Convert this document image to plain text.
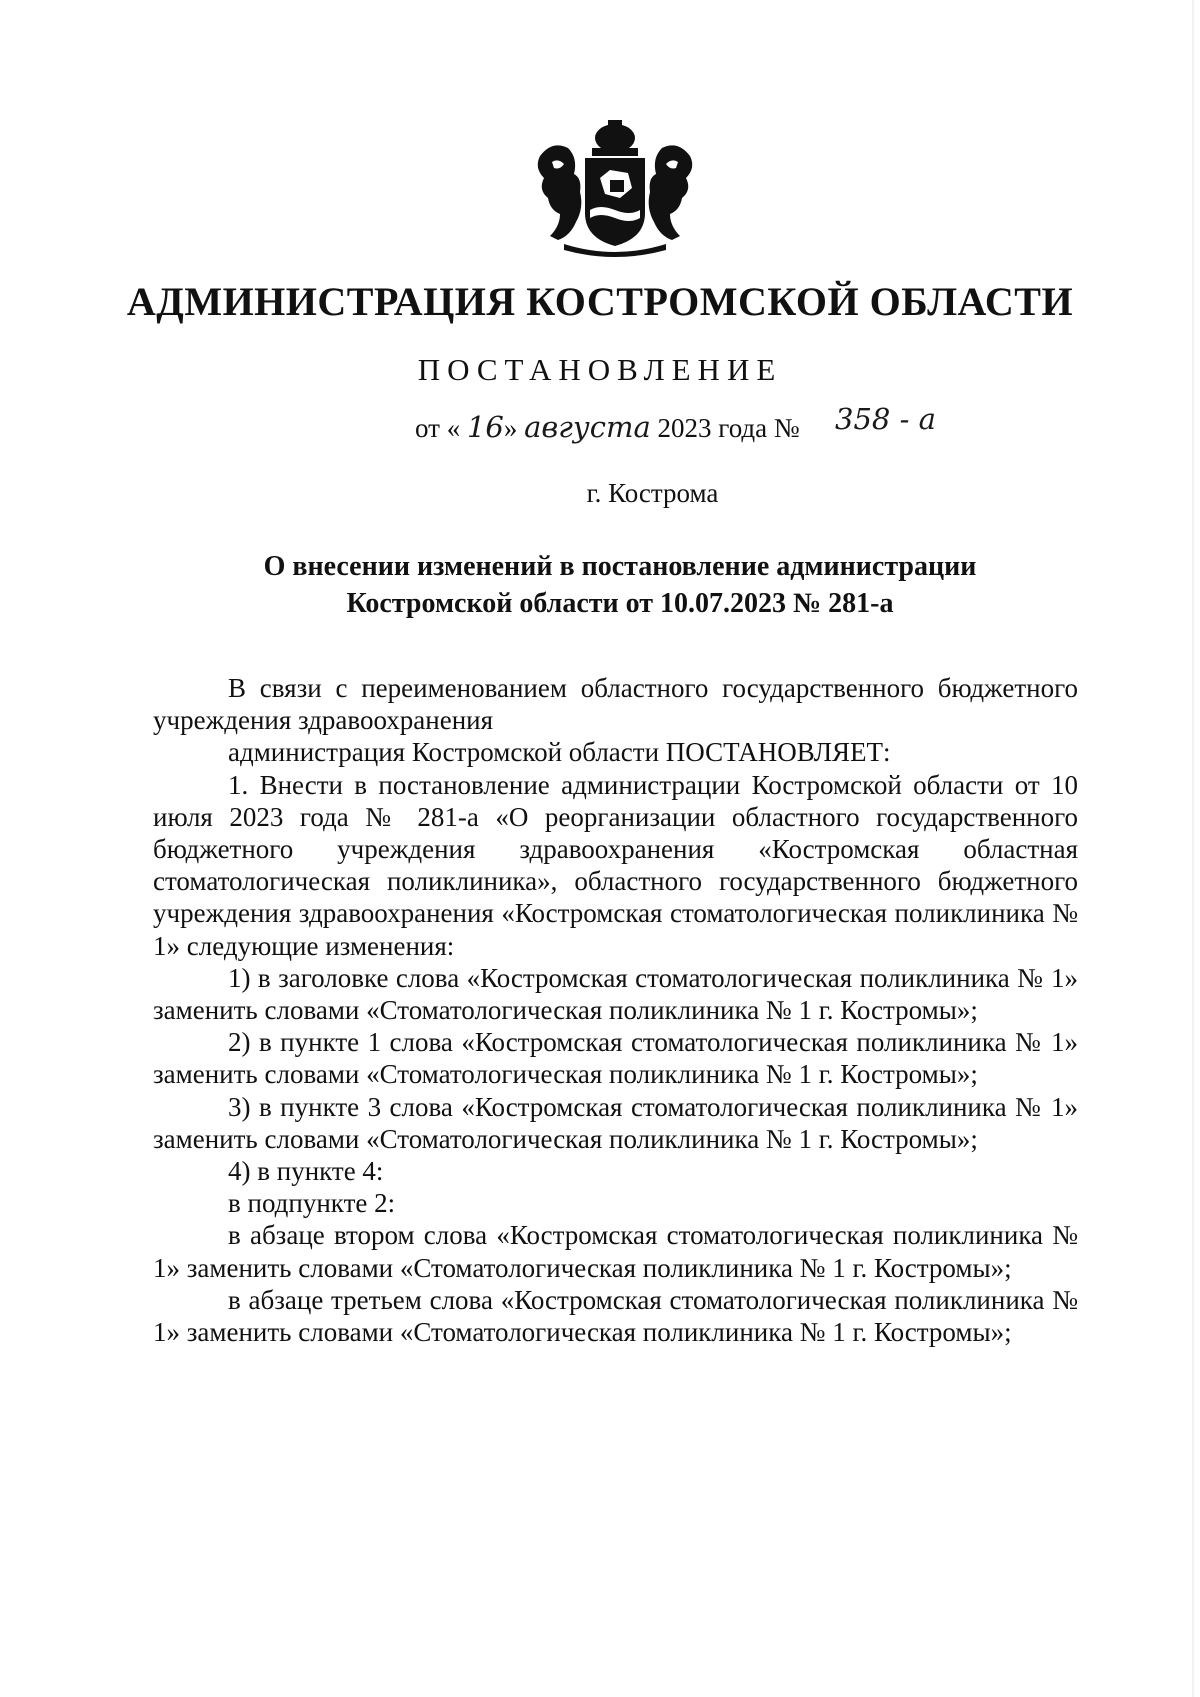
АДМИНИСТРАЦИЯ КОСТРОМСКОЙ ОБЛАСТИ
ПОСТАНОВЛЕНИЕ
от « 16» августа 2023 года № 358 - а
г. Кострома
О внесении изменений в постановление администрации
Костромской области от 10.07.2023 № 281-а

В связи с переименованием областного государственного бюджетного учреждения здравоохранения

администрация Костромской области ПОСТАНОВЛЯЕТ:

1. Внести в постановление администрации Костромской области от 10 июля 2023 года № 281-а «О реорганизации областного государственного бюджетного учреждения здравоохранения «Костромская областная стоматологическая поликлиника», областного государственного бюджетного учреждения здравоохранения «Костромская стоматологическая поликлиника № 1» следующие изменения:

1) в заголовке слова «Костромская стоматологическая поликлиника № 1» заменить словами «Стоматологическая поликлиника № 1 г. Костромы»;

2) в пункте 1 слова «Костромская стоматологическая поликлиника № 1» заменить словами «Стоматологическая поликлиника № 1 г. Костромы»;

3) в пункте 3 слова «Костромская стоматологическая поликлиника № 1» заменить словами «Стоматологическая поликлиника № 1 г. Костромы»;

4) в пункте 4:

в подпункте 2:

в абзаце втором слова «Костромская стоматологическая поликлиника № 1» заменить словами «Стоматологическая поликлиника № 1 г. Костромы»;

в абзаце третьем слова «Костромская стоматологическая поликлиника № 1» заменить словами «Стоматологическая поликлиника № 1 г. Костромы»;
